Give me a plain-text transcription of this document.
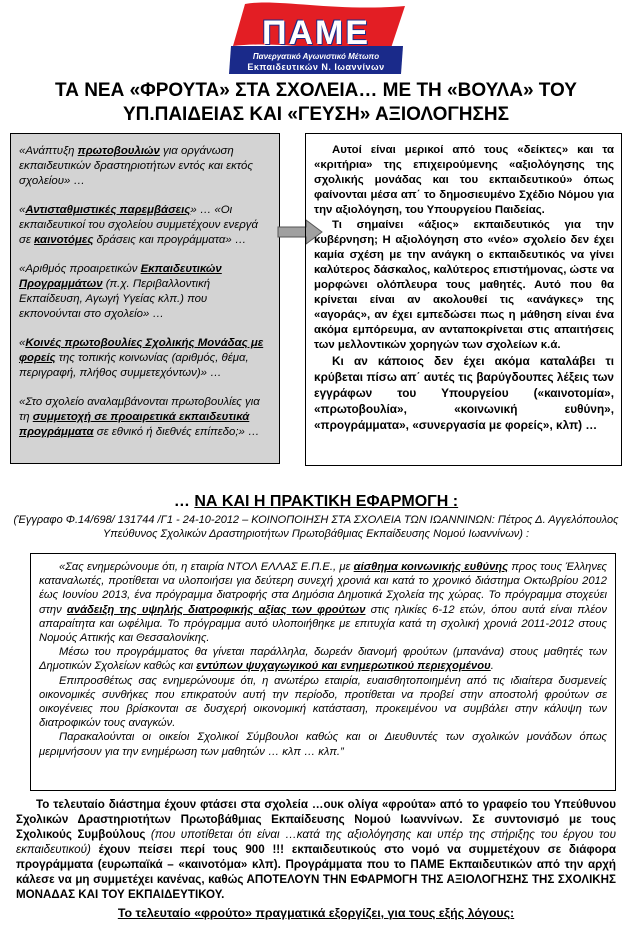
ΠΑΜΕ
Πανεργατικό Αγωνιστικό Μέτωπο
Εκπαιδευτικών Ν. Ιωαννίνων
ΤΑ ΝΕΑ «ΦΡΟΥΤΑ» ΣΤΑ ΣΧΟΛΕΙΑ… ΜΕ ΤΗ «ΒΟΥΛΑ» ΤΟΥ
ΥΠ.ΠΑΙΔΕΙΑΣ ΚΑΙ «ΓΕΥΣΗ» ΑΞΙΟΛΟΓΗΣΗΣ

«Ανάπτυξη πρωτοβουλιών για οργάνωση εκπαιδευτικών δραστηριοτήτων εντός και εκτός σχολείου» …

«Αντισταθμιστικές παρεμβάσεις» … «Οι εκπαιδευτικοί του σχολείου συμμετέχουν ενεργά σε καινοτόμες δράσεις και προγράμματα» …

«Αριθμός προαιρετικών Εκπαιδευτικών Προγραμμάτων (π.χ. Περιβαλλοντική Εκπαίδευση, Αγωγή Υγείας κλπ.) που εκπονούνται στο σχολείο» …

«Κοινές πρωτοβουλίες Σχολικής Μονάδας με φορείς της τοπικής κοινωνίας (αριθμός, θέμα, περιγραφή, πλήθος συμμετεχόντων)» …

«Στο σχολείο αναλαμβάνονται πρωτοβουλίες για τη συμμετοχή σε προαιρετικά εκπαιδευτικά προγράμματα σε εθνικό ή διεθνές επίπεδο;» …

Αυτοί είναι μερικοί από τους «δείκτες» και τα «κριτήρια» της επιχειρούμενης «αξιολόγησης της σχολικής μονάδας και του εκπαιδευτικού» όπως φαίνονται μέσα απ΄ το δημοσιευμένο Σχέδιο Νόμου για την αξιολόγηση, του Υπουργείου Παιδείας.

Τι σημαίνει «άξιος» εκπαιδευτικός για την κυβέρνηση; Η αξιολόγηση στο «νέο» σχολείο δεν έχει καμία σχέση με την ανάγκη ο εκπαιδευτικός να γίνει καλύτερος δάσκαλος, καλύτερος επιστήμονας, ώστε να μορφώνει ολόπλευρα τους μαθητές. Αυτό που θα κρίνεται είναι αν ακολουθεί τις «ανάγκες» της «αγοράς», αν έχει εμπεδώσει πως η μάθηση είναι ένα ακόμα εμπόρευμα, αν ανταποκρίνεται στις απαιτήσεις των μελλοντικών χορηγών των σχολείων κ.ά.

Κι αν κάποιος δεν έχει ακόμα καταλάβει τι κρύβεται πίσω απ΄ αυτές τις βαρύγδουπες λέξεις των εγγράφων του Υπουργείου («καινοτομία», «πρωτοβουλία», «κοινωνική ευθύνη», «προγράμματα», «συνεργασία με φορείς», κλπ) …

… ΝΑ ΚΑΙ Η ΠΡΑΚΤΙΚΗ ΕΦΑΡΜΟΓΗ :
(Έγγραφο Φ.14/698/ 131744 /Γ1 - 24-10-2012 – ΚΟΙΝΟΠΟΙΗΣΗ ΣΤΑ ΣΧΟΛΕΙΑ ΤΩΝ ΙΩΑΝΝΙΝΩΝ: Πέτρος Δ. Αγγελόπουλος Υπεύθυνος Σχολικών Δραστηριοτήτων Πρωτοβάθμιας Εκπαίδευσης Νομού Ιωαννίνων) :

«Σας ενημερώνουμε ότι, η εταιρία ΝΤΟΛ ΕΛΛΑΣ Ε.Π.Ε., με αίσθημα κοινωνικής ευθύνης προς τους Έλληνες καταναλωτές, προτίθεται να υλοποιήσει για δεύτερη συνεχή χρονιά και κατά το χρονικό διάστημα Οκτωβρίου 2012 έως Ιουνίου 2013, ένα πρόγραμμα διατροφής στα Δημόσια Δημοτικά Σχολεία της χώρας. Το πρόγραμμα στοχεύει στην ανάδειξη της υψηλής διατροφικής αξίας των φρούτων στις ηλικίες 6-12 ετών, όπου αυτά είναι πλέον απαραίτητα και ωφέλιμα. Το πρόγραμμα αυτό υλοποιήθηκε με επιτυχία κατά τη σχολική χρονιά 2011-2012 στους Νομούς Αττικής και Θεσσαλονίκης.

Μέσω του προγράμματος θα γίνεται παράλληλα, δωρεάν διανομή φρούτων (μπανάνα) στους μαθητές των Δημοτικών Σχολείων καθώς και εντύπων ψυχαγωγικού και ενημερωτικού περιεχομένου.

Επιπροσθέτως σας ενημερώνουμε ότι, η ανωτέρω εταιρία, ευαισθητοποιημένη από τις ιδιαίτερα δυσμενείς οικονομικές συνθήκες που επικρατούν αυτή την περίοδο, προτίθεται να προβεί στην αποστολή φρούτων σε οικογένειες που βρίσκονται σε δυσχερή οικονομική κατάσταση, προκειμένου να συμβάλει στην κάλυψη των διατροφικών τους αναγκών.

Παρακαλούνται οι οικείοι Σχολικοί Σύμβουλοι καθώς και οι Διευθυντές των σχολικών μονάδων όπως μεριμνήσουν για την ενημέρωση των μαθητών … κλπ … κλπ.”

Το τελευταίο διάστημα έχουν φτάσει στα σχολεία …ουκ ολίγα «φρούτα» από το γραφείο του Υπεύθυνου Σχολικών Δραστηριοτήτων Πρωτοβάθμιας Εκπαίδευσης Νομού Ιωαννίνων. Σε συντονισμό με τους Σχολικούς Συμβούλους (που υποτίθεται ότι είναι …κατά της αξιολόγησης και υπέρ της στήριξης του έργου του εκπαιδευτικού) έχουν πείσει περί τους 900 !!! εκπαιδευτικούς στο νομό να συμμετέχουν σε διάφορα προγράμματα (ευρωπαϊκά – «καινοτόμα» κλπ). Προγράμματα που το ΠΑΜΕ Εκπαιδευτικών από την αρχή κάλεσε να μη συμμετέχει κανένας, καθώς ΑΠΟΤΕΛΟΥΝ ΤΗΝ ΕΦΑΡΜΟΓΗ ΤΗΣ ΑΞΙΟΛΟΓΗΣΗΣ ΤΗΣ ΣΧΟΛΙΚΗΣ ΜΟΝΑΔΑΣ ΚΑΙ ΤΟΥ ΕΚΠΑΙΔΕΥΤΙΚΟΥ.

Το τελευταίο «φρούτο» πραγματικά εξοργίζει, για τους εξής λόγους:
